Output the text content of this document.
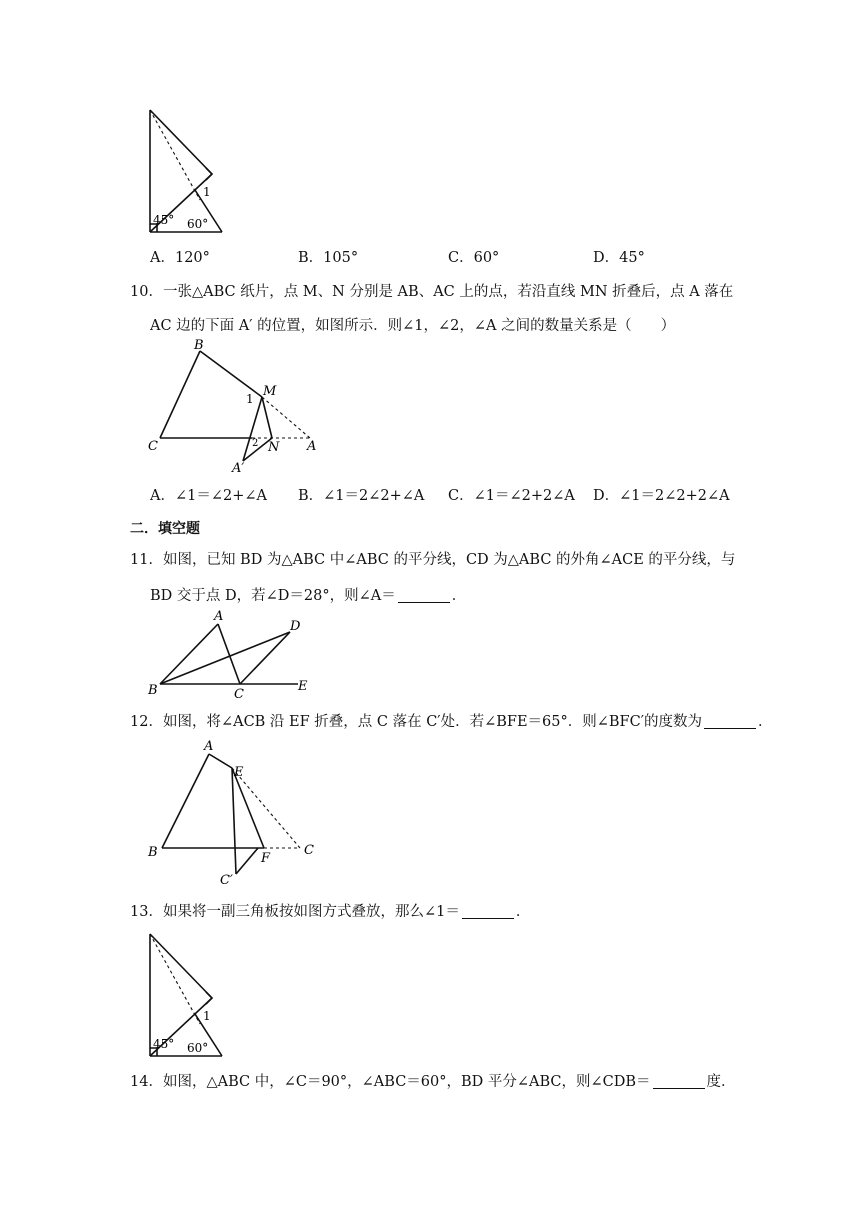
45° 60°
1
A．120°	B．105°	C．60°	D．45°
10．一张△ABC 纸片，点 M、N 分别是 AB、AC 上的点，若沿直线 MN 折叠后，点 A 落在
AC 边的下面 A′ 的位置，如图所示．则∠1，∠2，∠A 之间的数量关系是（　　）
B
C
M
1
2 N A
A′
A．∠1＝∠2+∠A B．∠1＝2∠2+∠A C．∠1＝∠2+2∠A D．∠1＝2∠2+2∠A
二．填空题
11．如图，已知 BD 为△ABC 中∠ABC 的平分线，CD 为△ABC 的外角∠ACE 的平分线，与
BD 交于点 D，若∠D＝28°，则∠A＝	．
A
D
B	C
E
12．如图，将∠ACB 沿 EF 折叠，点 C 落在 C′处．若∠BFE＝65°．则∠BFC′的度数为	．
A
E
B	F
C
C′
13．如果将一副三角板按如图方式叠放，那么∠1＝	．
45° 60°
1
14．如图，△ABC 中，∠C＝90°，∠ABC＝60°，BD 平分∠ABC，则∠CDB＝	度．
